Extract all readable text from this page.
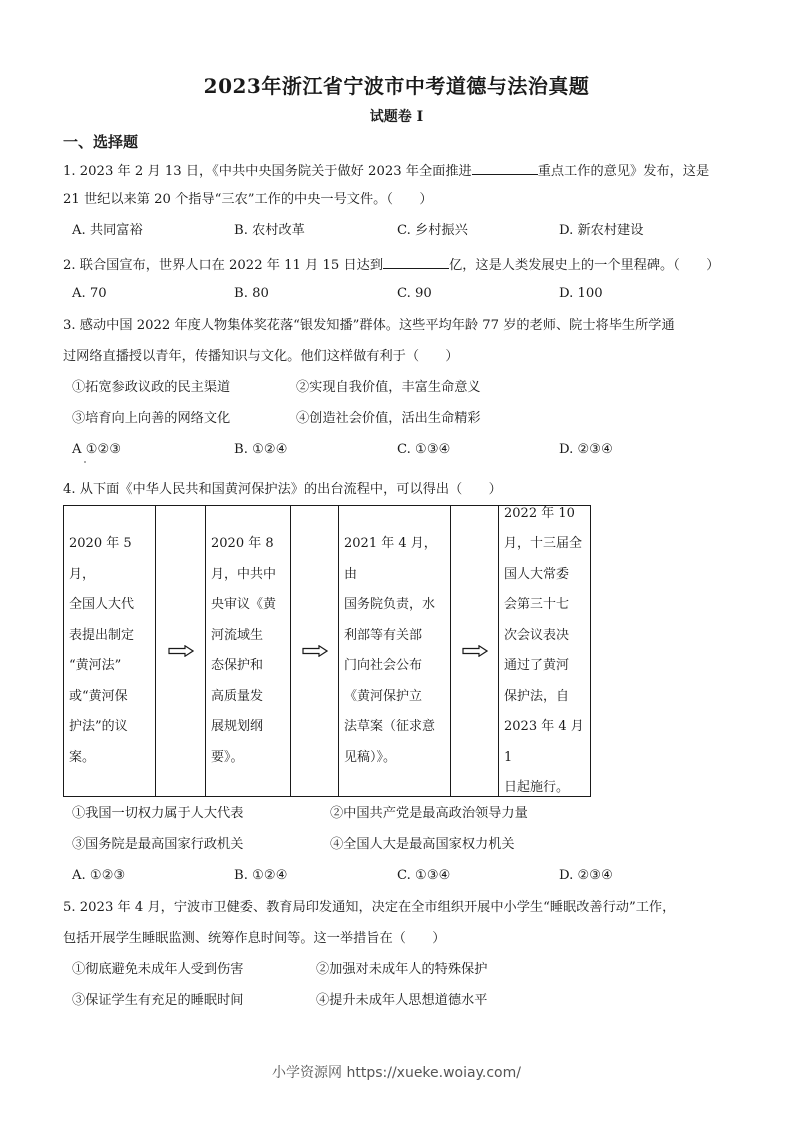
2023年浙江省宁波市中考道德与法治真题
试题卷 I
一、选择题
1. 2023 年 2 月 13 日，《中共中央国务院关于做好 2023 年全面推进	重点工作的意见》发布，这是
21 世纪以来第 20 个指导“三农”工作的中央一号文件。（　　）
A. 共同富裕	B. 农村改革	C. 乡村振兴	D. 新农村建设
2. 联合国宣布，世界人口在 2022 年 11 月 15 日达到	亿，这是人类发展史上的一个里程碑。（　　）
A. 70	B. 80	C. 90	D. 100
3. 感动中国 2022 年度人物集体奖花落“银发知播”群体。这些平均年龄 77 岁的老师、院士将毕生所学通
过网络直播授以青年，传播知识与文化。他们这样做有利于（　　）
①拓宽参政议政的民主渠道	②实现自我价值，丰富生命意义
③培育向上向善的网络文化	④创造社会价值，活出生命精彩
A ①②③	B. ①②④	C. ①③④	D. ②③④
4. 从下面《中华人民共和国黄河保护法》的出台流程中，可以得出（　　）
2020 年 5 月，
全国人大代
表提出制定
“黄河法”
或“黄河保
护法”的议
案。
2020 年 8
月，中共中
央审议《黄
河流域生
态保护和
高质量发
展规划纲
要》。
2021 年 4 月，由
国务院负责，水
利部等有关部
门向社会公布
《黄河保护立
法草案（征求意
见稿）》。
2022 年 10
月，十三届全
国人大常委
会第三十七
次会议表决
通过了黄河
保护法，自
2023 年 4 月 1
日起施行。
①我国一切权力属于人大代表	②中国共产党是最高政治领导力量
③国务院是最高国家行政机关	④全国人大是最高国家权力机关
A. ①②③	B. ①②④	C. ①③④	D. ②③④
5. 2023 年 4 月，宁波市卫健委、教育局印发通知，决定在全市组织开展中小学生“睡眠改善行动”工作，
包括开展学生睡眠监测、统筹作息时间等。这一举措旨在（　　）
①彻底避免未成年人受到伤害	②加强对未成年人的特殊保护
③保证学生有充足的睡眠时间	④提升未成年人思想道德水平
小学资源网 https://xueke.woiay.com/
